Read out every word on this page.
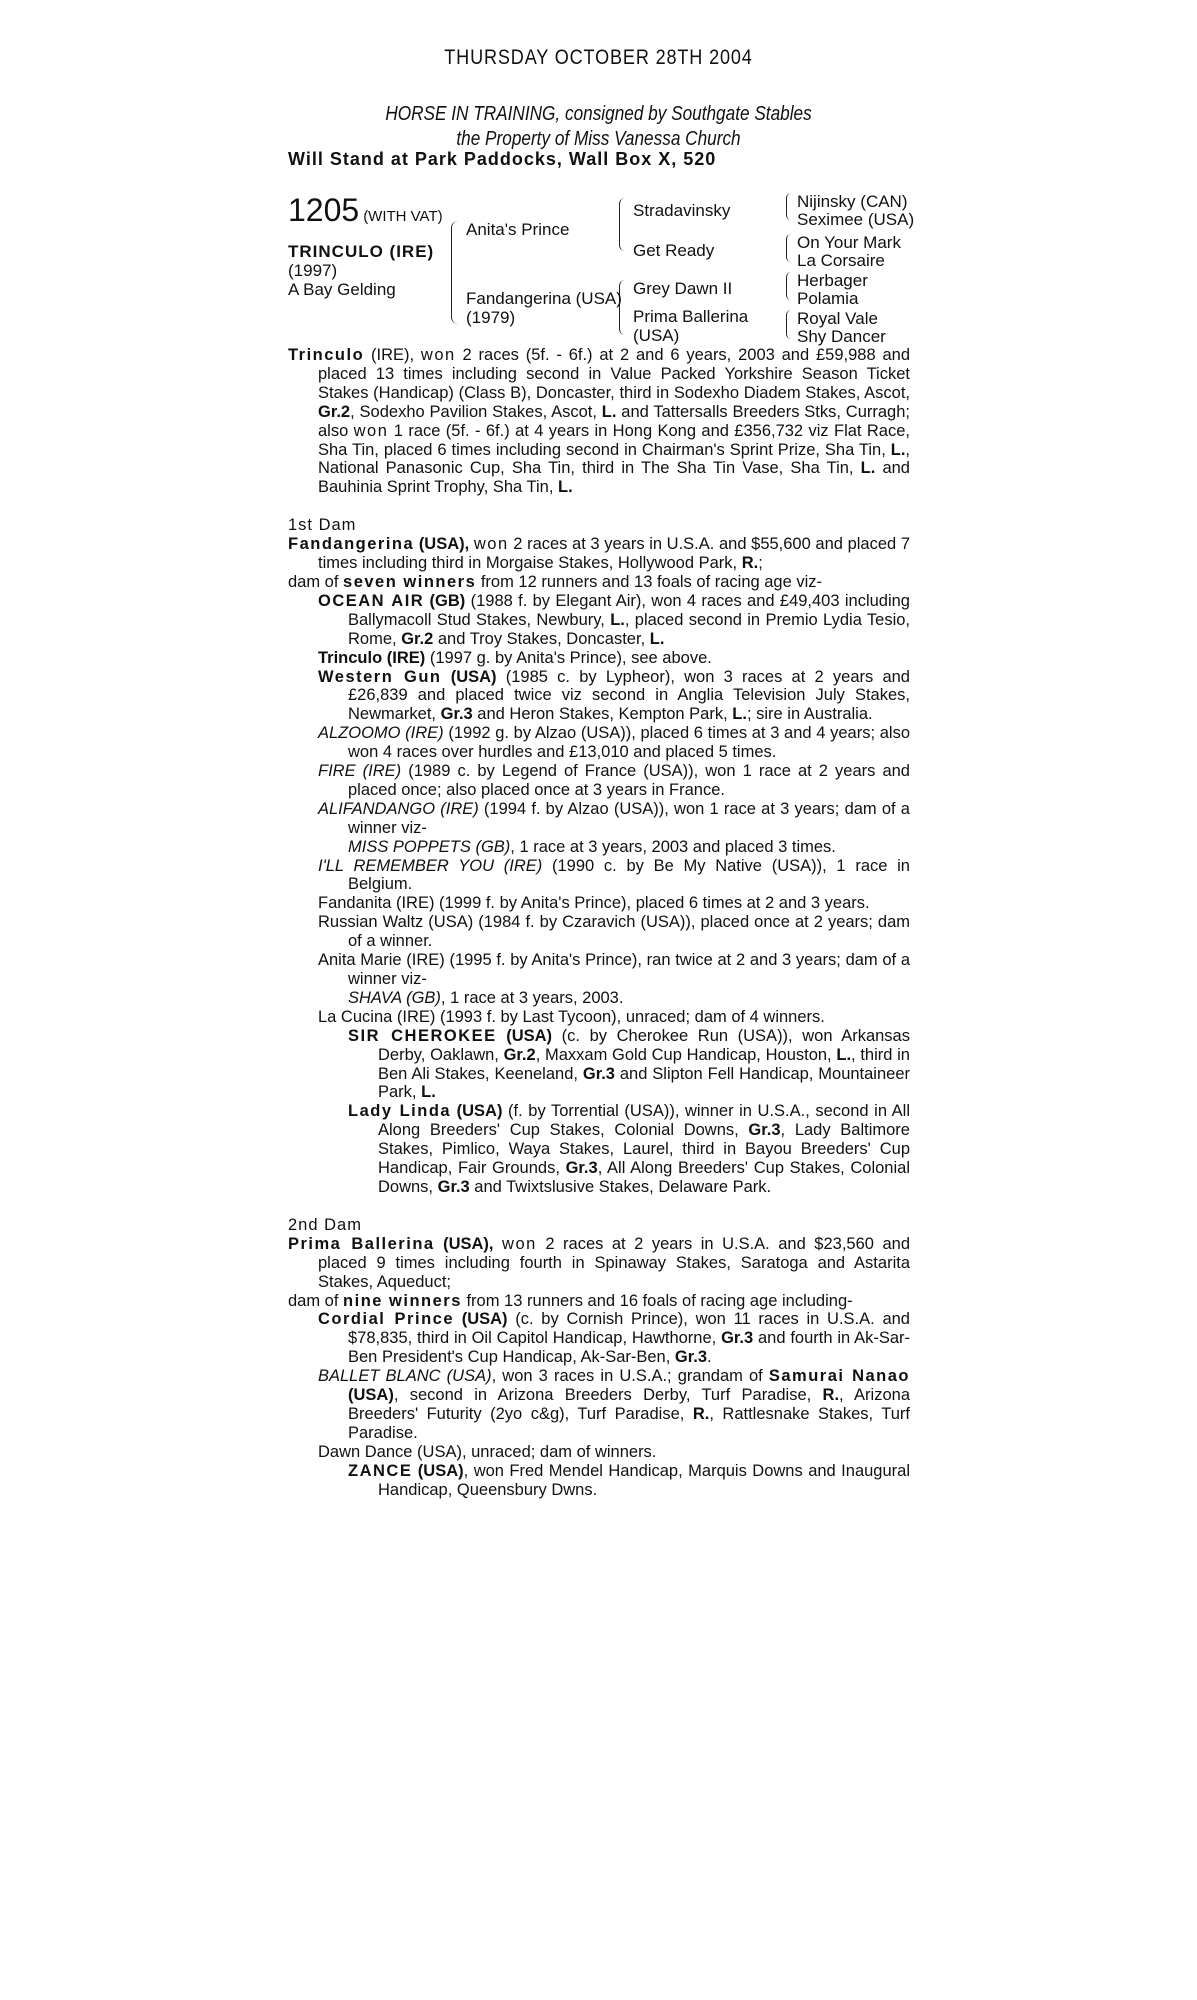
THURSDAY OCTOBER 28TH 2004
HORSE IN TRAINING, consigned by Southgate Stables
the Property of Miss Vanessa Church
Will Stand at Park Paddocks, Wall Box X, 520
1205 (WITH VAT)
TRINCULO (IRE)
(1997)
A Bay Gelding
Anita's Prince
Fandangerina (USA)
(1979)
Stradavinsky
Get Ready
Grey Dawn II
Prima Ballerina
(USA)
Nijinsky (CAN)
Seximee (USA)
On Your Mark
La Corsaire
Herbager
Polamia
Royal Vale
Shy Dancer

Trinculo (IRE), won 2 races (5f. - 6f.) at 2 and 6 years, 2003 and £59,988 and placed 13 times including second in Value Packed Yorkshire Season Ticket Stakes (Handicap) (Class B), Doncaster, third in Sodexho Diadem Stakes, Ascot, Gr.2, Sodexho Pavilion Stakes, Ascot, L. and Tattersalls Breeders Stks, Curragh; also won 1 race (5f. - 6f.) at 4 years in Hong Kong and £356,732 viz Flat Race, Sha Tin, placed 6 times including second in Chairman's Sprint Prize, Sha Tin, L., National Panasonic Cup, Sha Tin, third in The Sha Tin Vase, Sha Tin, L. and Bauhinia Sprint Trophy, Sha Tin, L.

1st Dam

Fandangerina (USA), won 2 races at 3 years in U.S.A. and $55,600 and placed 7 times including third in Morgaise Stakes, Hollywood Park, R.;

dam of seven winners from 12 runners and 13 foals of racing age viz-

OCEAN AIR (GB) (1988 f. by Elegant Air), won 4 races and £49,403 including Ballymacoll Stud Stakes, Newbury, L., placed second in Premio Lydia Tesio, Rome, Gr.2 and Troy Stakes, Doncaster, L.

Trinculo (IRE) (1997 g. by Anita's Prince), see above.

Western Gun (USA) (1985 c. by Lypheor), won 3 races at 2 years and £26,839 and placed twice viz second in Anglia Television July Stakes, Newmarket, Gr.3 and Heron Stakes, Kempton Park, L.; sire in Australia.

ALZOOMO (IRE) (1992 g. by Alzao (USA)), placed 6 times at 3 and 4 years; also won 4 races over hurdles and £13,010 and placed 5 times.

FIRE (IRE) (1989 c. by Legend of France (USA)), won 1 race at 2 years and placed once; also placed once at 3 years in France.

ALIFANDANGO (IRE) (1994 f. by Alzao (USA)), won 1 race at 3 years; dam of a winner viz-

MISS POPPETS (GB), 1 race at 3 years, 2003 and placed 3 times.

I'LL REMEMBER YOU (IRE) (1990 c. by Be My Native (USA)), 1 race in Belgium.

Fandanita (IRE) (1999 f. by Anita's Prince), placed 6 times at 2 and 3 years.

Russian Waltz (USA) (1984 f. by Czaravich (USA)), placed once at 2 years; dam of a winner.

Anita Marie (IRE) (1995 f. by Anita's Prince), ran twice at 2 and 3 years; dam of a winner viz-

SHAVA (GB), 1 race at 3 years, 2003.

La Cucina (IRE) (1993 f. by Last Tycoon), unraced; dam of 4 winners.

SIR CHEROKEE (USA) (c. by Cherokee Run (USA)), won Arkansas Derby, Oaklawn, Gr.2, Maxxam Gold Cup Handicap, Houston, L., third in Ben Ali Stakes, Keeneland, Gr.3 and Slipton Fell Handicap, Mountaineer Park, L.

Lady Linda (USA) (f. by Torrential (USA)), winner in U.S.A., second in All Along Breeders' Cup Stakes, Colonial Downs, Gr.3, Lady Baltimore Stakes, Pimlico, Waya Stakes, Laurel, third in Bayou Breeders' Cup Handicap, Fair Grounds, Gr.3, All Along Breeders' Cup Stakes, Colonial Downs, Gr.3 and Twixtslusive Stakes, Delaware Park.

2nd Dam

Prima Ballerina (USA), won 2 races at 2 years in U.S.A. and $23,560 and placed 9 times including fourth in Spinaway Stakes, Saratoga and Astarita Stakes, Aqueduct;

dam of nine winners from 13 runners and 16 foals of racing age including-

Cordial Prince (USA) (c. by Cornish Prince), won 11 races in U.S.A. and $78,835, third in Oil Capitol Handicap, Hawthorne, Gr.3 and fourth in Ak-Sar-Ben President's Cup Handicap, Ak-Sar-Ben, Gr.3.

BALLET BLANC (USA), won 3 races in U.S.A.; grandam of Samurai Nanao (USA), second in Arizona Breeders Derby, Turf Paradise, R., Arizona Breeders' Futurity (2yo c&g), Turf Paradise, R., Rattlesnake Stakes, Turf Paradise.

Dawn Dance (USA), unraced; dam of winners.

ZANCE (USA), won Fred Mendel Handicap, Marquis Downs and Inaugural Handicap, Queensbury Dwns.
